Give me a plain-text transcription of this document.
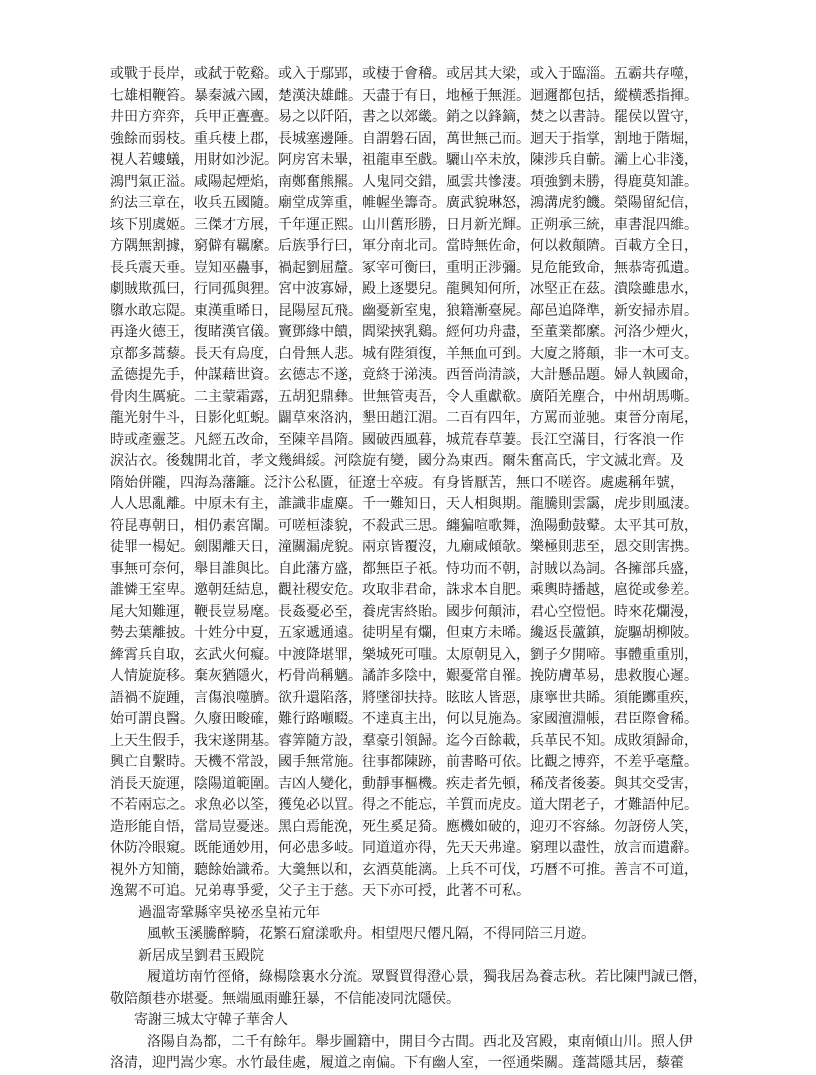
或戰于長岸，或弑于乾谿。或入于鄢郢，或棲于會稽。或居其大梁，或入于臨淄。五霸共存噬，
七雄相鞭笞。暴秦滅六國，楚漢決雄雌。天盡于有日，地極于無涯。迴邇都包括，縱横悉指揮。
井田方弈弈，兵甲正亹亹。易之以阡陌，書之以郊畿。銷之以鋒鏑，焚之以書詩。罷侯以置守，
強餘而弱枝。重兵棲上郡，長城塞邊陲。自謂磐石固，萬世無己而。迴天于指掌，割地于階堀，
視人若螻蟻，用財如沙泥。阿房宮未畢，祖龍車至戲。驪山卒未放，陳涉兵自蘄。灞上心非淺，
鴻門氣正溢。咸陽起煙焰，南鄭奮熊羆。人鬼同交錯，風雲共慘淒。項強劉未勝，得鹿莫知誰。
約法三章在，收兵五國隨。廟堂成筭重，帷幄坐籌奇。廣武貌琳怒，鴻溝虎豹饑。榮陽留紀信，
垓下別虞姬。三傑才方展，千年運正熙。山川舊形勝，日月新光輝。正朔承三統，車書混四維。
方隅無割據，窮僻有羈縻。后族爭行曰，軍分南北司。當時無佐命，何以救顛隮。百載方全日，
長兵震天垂。豈知巫蠱事，禍起劉屈釐。冢宰可衡曰，重明正涉彌。見危能致命，無恭寄孤遺。
劇賊欺孤曰，行同孤與狸。宮中波寡婦，殿上逐嬰兒。龍興知何所，冰堅正在茲。潰陰雖患水，
隳水敢忘隄。東漢重晞日，昆陽屋瓦飛。幽憂新室鬼，狼籍漸臺屍。鄗邑追降準，新安掃赤眉。
再逢火德王，復睹漢官儀。竇鄧緣中饋，閻梁挾乳鷄。經何功舟盡，至董業都縻。河洛少煙火，
京都多蒿藜。長天有烏度，白骨無人悲。城有陛須復，羊無血可到。大廈之將顛，非一木可支。
孟德提先手，仲謀藉世資。玄德志不遂，竟終于涕洟。西晉尚清談，大計懸品題。婦人執國命，
骨肉生厲疵。二主蒙霜露，五胡犯鼎彝。世無管夷吾，令人重獻欷。廣陌羌塵合，中州胡馬嘶。
龍光射牛斗，日影化虹蜺。闢草來洛汭，墾田趙江湄。二百有四年，方罵而並驰。東晉分南尾，
時或產靈芝。凡經五改命，至陳辛昌隋。國破西風暮，城荒春草萋。長江空滿目，行客浪一作
淚沾衣。後魏開北首，孝文幾緝綏。河陰旋有變，國分為東西。爾朱奮高氏，宇文滅北齊。及
隋始併隴，四海為藩籬。泛汴公私匱，征遼士卒疲。有身皆厭苦，無口不嗟咨。處處稱年號，
人人思亂離。中原未有主，誰識非虛麋。千一難知日，天人相與期。龍騰則雲靄，虎步則風淒。
符昆專朝日，相仍素宮闈。可嗟桓漆貌，不殺武三思。纏猵喧歌舞，漁陽動鼓鼙。太平其可敖，
徒罪一楊妃。劍閣離天日，潼關漏虎貌。兩京皆覆沒，九廟咸傾欹。樂極則悲至，恩交則害携。
事無可奈何，舉目誰與比。自此藩方盛，都無臣子祇。恃功而不朝，討賊以為詞。各擁部兵盛，
誰憐王室卑。邀朝廷結息，觀社稷安危。攻取非君命，誅求本自肥。乘輿時播越，扈從或參差。
尾大知難運，鞭長豈易麾。長姦憂必至，養虎害終貽。國步何顛沛，君心空愷悒。時來花爛漫，
勢去葉離披。十姓分中夏，五家遞通遠。徒明星有爛，但東方未晞。纔返長蘆鎮，旋驅胡柳陂。
縴霄兵自取，玄武火何癡。中渡降堪罪，樂城死可嗤。太原朝見入，劉子夕開啼。事體重重別，
人情旋旋移。棄灰猶隱火，朽骨尚稱魑。譎詐多陰中，艱憂常自罹。挽防膚革易，患救腹心遲。
語禍不旋踵，言傷浪噬臍。欲升還陷落，將墜卻扶持。眩眩人皆惡，康寧世共睎。須能躑重疾，
始可謂良醫。久廢田畯確，難行路噸畷。不達真主出，何以見施為。家國澶淵帳，君臣際會稀。
上天生假手，我宋遂開基。睿筭隨方設，羣豪引領歸。迄今百餘載，兵革民不知。成敗須歸命，
興亡自繫時。天機不常設，國手無常施。往事都陳跡，前書略可依。比觀之博弈，不差乎毫釐。
消長天旋運，陰陽道範圍。吉凶人變化，動靜事樞機。疾走者先頓，稀茂者後萎。與其交受害，
不若兩忘之。求魚必以筌，獲兔必以罝。得之不能忘，羊質而虎皮。道大閉老子，才難語仲尼。
造形能自悟，當局豈憂迷。黑白焉能浼，死生奚足猗。應機如破的，迎刃不容絲。勿訝傍人笑，
休防冷眼窺。既能通妙用，何必患多岐。同道道亦得，先天天弗違。窮理以盡性，放言而遺辭。
視外方知簡，聽餘始識希。大羹無以和，玄酒莫能漓。上兵不可伐，巧曆不可推。善言不可道，
逸駕不可追。兄弟專爭愛，父子主于慈。天下亦可授，此著不可私。
過溫寄鞏縣宰吳祕丞皇祐元年
風軟玉溪騰醉騎，花繁石窟漾歌舟。相望咫尺僊凡隔，不得同陪三月遊。
新居成呈劉君玉殿院
履道坊南竹徑脩，綠楊陰裏水分流。眾賢買得澄心景，獨我居為養志秋。若比陳門誠已僭，
敬陪顏巷亦堪憂。無端風雨雖狂暴，不信能凌同沈隱侯。
寄謝三城太守韓子華舍人
洛陽自為都，二千有餘年。舉步圖籍中，開目今古間。西北及宮殿，東南傾山川。照人伊
洛清，迎門嵩少寒。水竹最佳處，履道之南偏。下有幽人室，一徑通柴關。蓬蒿隱其居，藜藿
